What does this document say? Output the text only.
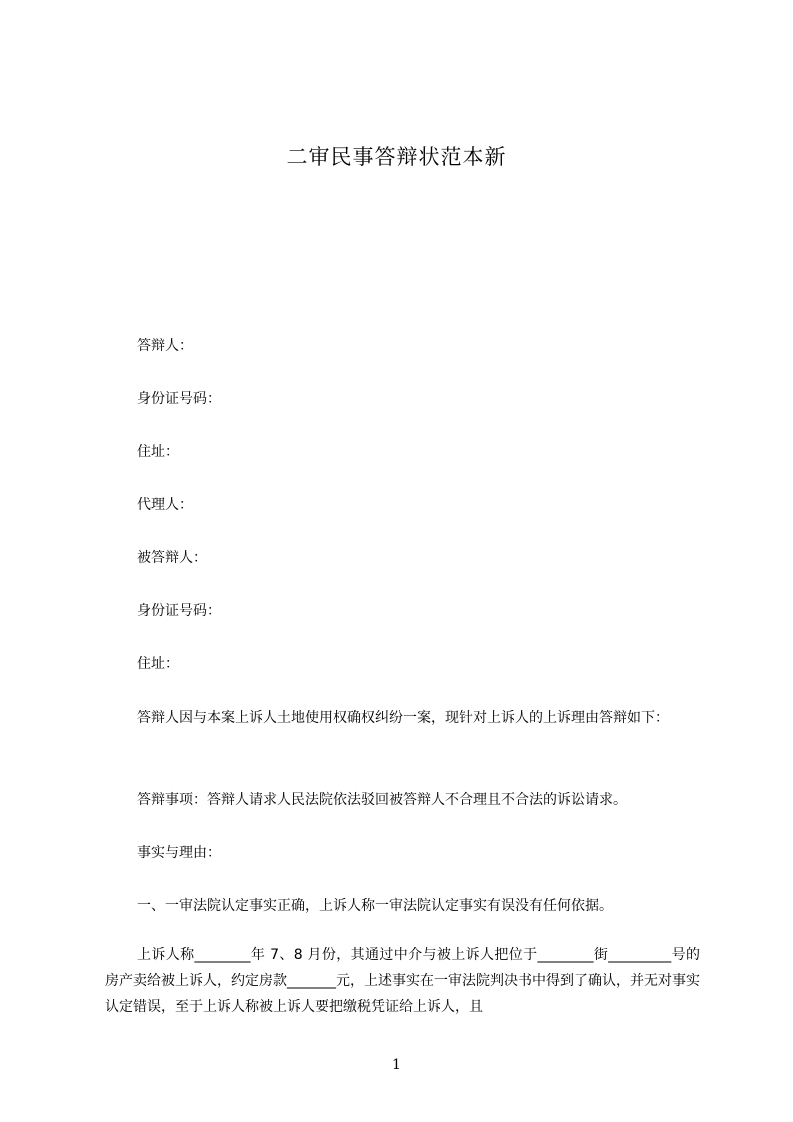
二审民事答辩状范本新

答辩人：

身份证号码：

住址：

代理人：

被答辩人：

身份证号码：

住址：

答辩人因与本案上诉人土地使用权确权纠纷一案，现针对上诉人的上诉理由答辩如下：

答辩事项：答辩人请求人民法院依法驳回被答辩人不合理且不合法的诉讼请求。

事实与理由：

一、一审法院认定事实正确，上诉人称一审法院认定事实有误没有任何依据。

上诉人称________年 7、8 月份，其通过中介与被上诉人把位于________街_________号的房产卖给被上诉人，约定房款_______元，上述事实在一审法院判决书中得到了确认，并无对事实认定错误，至于上诉人称被上诉人要把缴税凭证给上诉人，且

1
